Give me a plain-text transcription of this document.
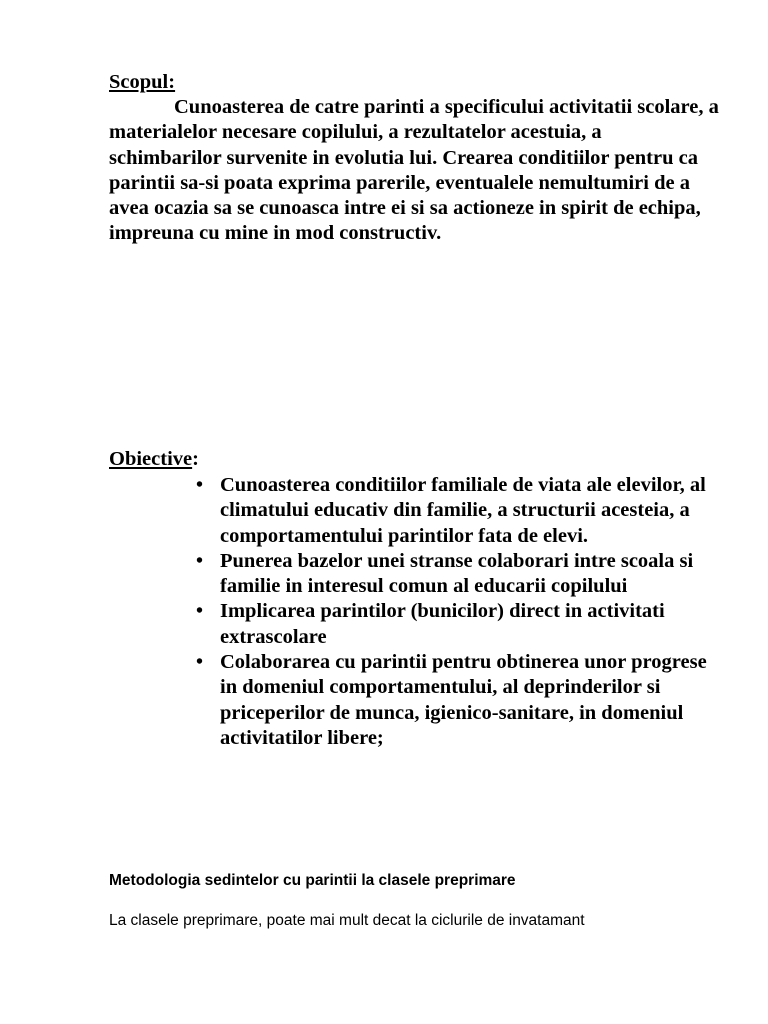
Scopul:

Cunoasterea de catre parinti a specificului activitatii scolare, a materialelor necesare copilului, a rezultatelor acestuia, a schimbarilor survenite in evolutia lui. Crearea conditiilor pentru ca parintii sa-si poata exprima parerile, eventualele nemultumiri de a avea ocazia sa se cunoasca intre ei si sa actioneze in spirit de echipa, impreuna cu mine in mod constructiv.

Obiective:
• Cunoasterea conditiilor familiale de viata ale elevilor, al climatului educativ din familie, a structurii acesteia, a comportamentului parintilor fata de elevi.
• Punerea bazelor unei stranse colaborari intre scoala si familie in interesul comun al educarii copilului
• Implicarea parintilor (bunicilor) direct in activitati extrascolare
• Colaborarea cu parintii pentru obtinerea unor progrese in domeniul comportamentului, al deprinderilor si priceperilor de munca, igienico-sanitare, in domeniul activitatilor libere;
Metodologia sedintelor cu parintii la clasele preprimare

La clasele preprimare, poate mai mult decat la ciclurile de invatamant
